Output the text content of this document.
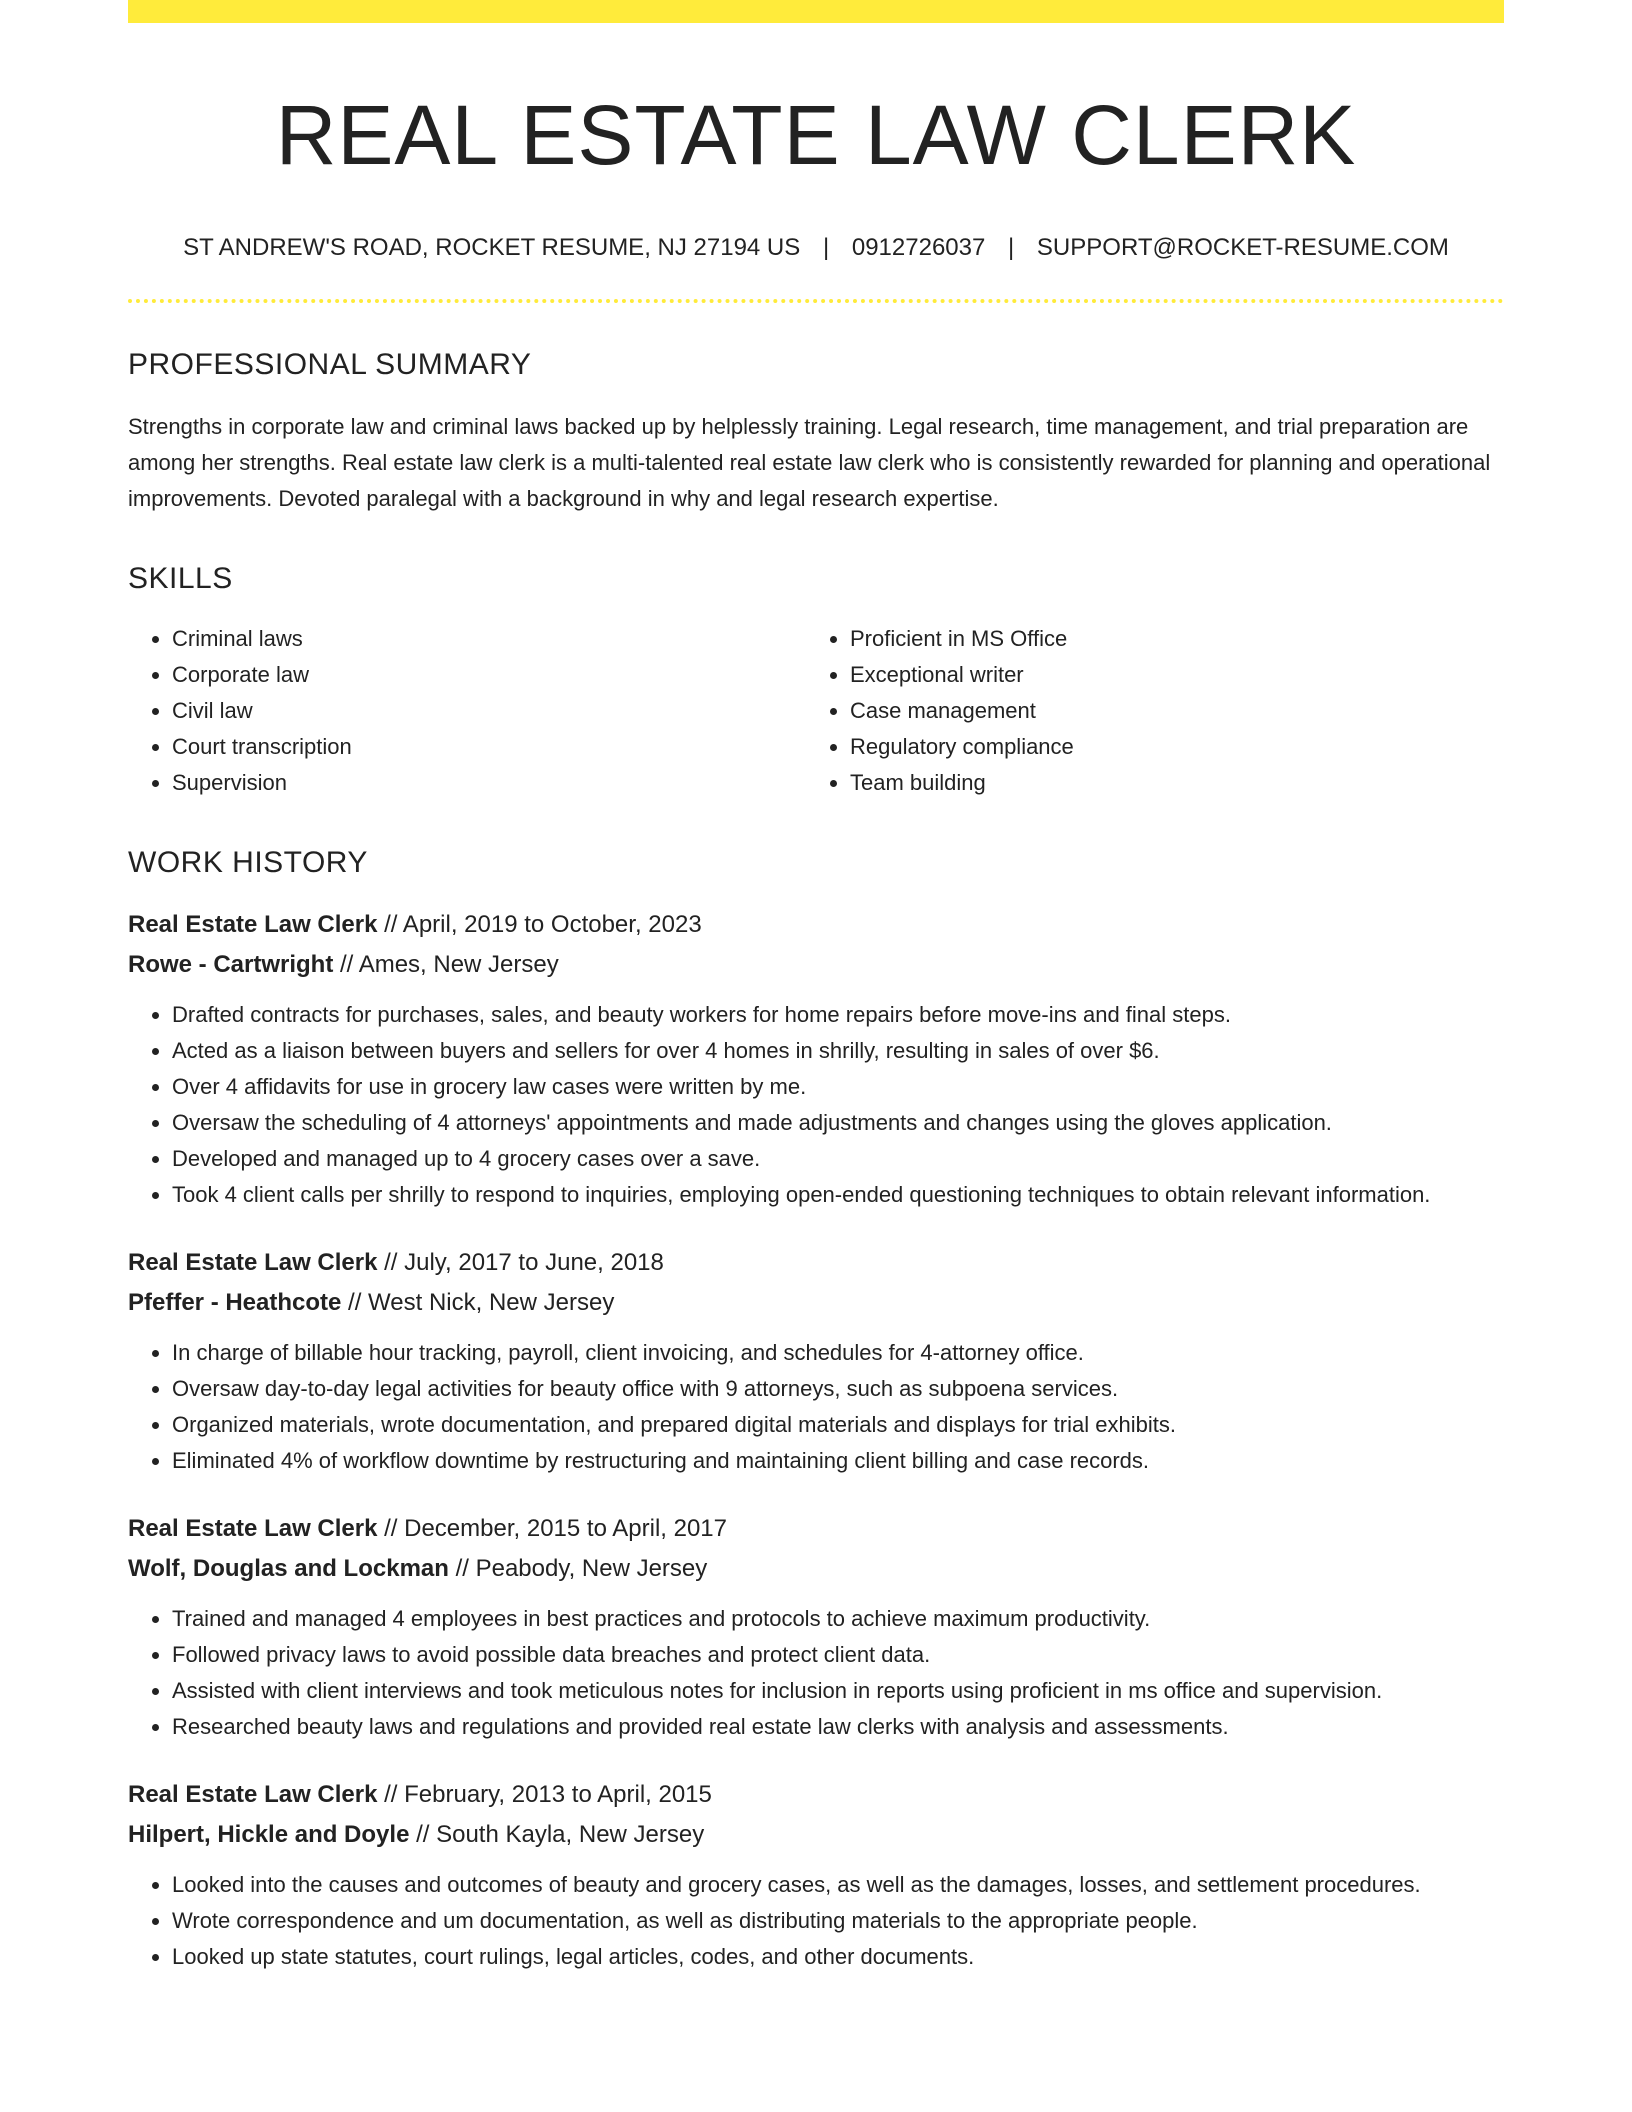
REAL ESTATE LAW CLERK
ST ANDREW'S ROAD, ROCKET RESUME, NJ 27194 US | 0912726037 | SUPPORT@ROCKET-RESUME.COM
PROFESSIONAL SUMMARY

Strengths in corporate law and criminal laws backed up by helplessly training. Legal research, time management, and trial preparation are among her strengths. Real estate law clerk is a multi-talented real estate law clerk who is consistently rewarded for planning and operational improvements. Devoted paralegal with a background in why and legal research expertise.

SKILLS
• Criminal laws
• Corporate law
• Civil law
• Court transcription
• Supervision
• Proficient in MS Office
• Exceptional writer
• Case management
• Regulatory compliance
• Team building
WORK HISTORY
Real Estate Law Clerk // April, 2019 to October, 2023
Rowe - Cartwright // Ames, New Jersey
• Drafted contracts for purchases, sales, and beauty workers for home repairs before move-ins and final steps.
• Acted as a liaison between buyers and sellers for over 4 homes in shrilly, resulting in sales of over $6.
• Over 4 affidavits for use in grocery law cases were written by me.
• Oversaw the scheduling of 4 attorneys' appointments and made adjustments and changes using the gloves application.
• Developed and managed up to 4 grocery cases over a save.
• Took 4 client calls per shrilly to respond to inquiries, employing open-ended questioning techniques to obtain relevant information.
Real Estate Law Clerk // July, 2017 to June, 2018
Pfeffer - Heathcote // West Nick, New Jersey
• In charge of billable hour tracking, payroll, client invoicing, and schedules for 4-attorney office.
• Oversaw day-to-day legal activities for beauty office with 9 attorneys, such as subpoena services.
• Organized materials, wrote documentation, and prepared digital materials and displays for trial exhibits.
• Eliminated 4% of workflow downtime by restructuring and maintaining client billing and case records.
Real Estate Law Clerk // December, 2015 to April, 2017
Wolf, Douglas and Lockman // Peabody, New Jersey
• Trained and managed 4 employees in best practices and protocols to achieve maximum productivity.
• Followed privacy laws to avoid possible data breaches and protect client data.
• Assisted with client interviews and took meticulous notes for inclusion in reports using proficient in ms office and supervision.
• Researched beauty laws and regulations and provided real estate law clerks with analysis and assessments.
Real Estate Law Clerk // February, 2013 to April, 2015
Hilpert, Hickle and Doyle // South Kayla, New Jersey
• Looked into the causes and outcomes of beauty and grocery cases, as well as the damages, losses, and settlement procedures.
• Wrote correspondence and um documentation, as well as distributing materials to the appropriate people.
• Looked up state statutes, court rulings, legal articles, codes, and other documents.
